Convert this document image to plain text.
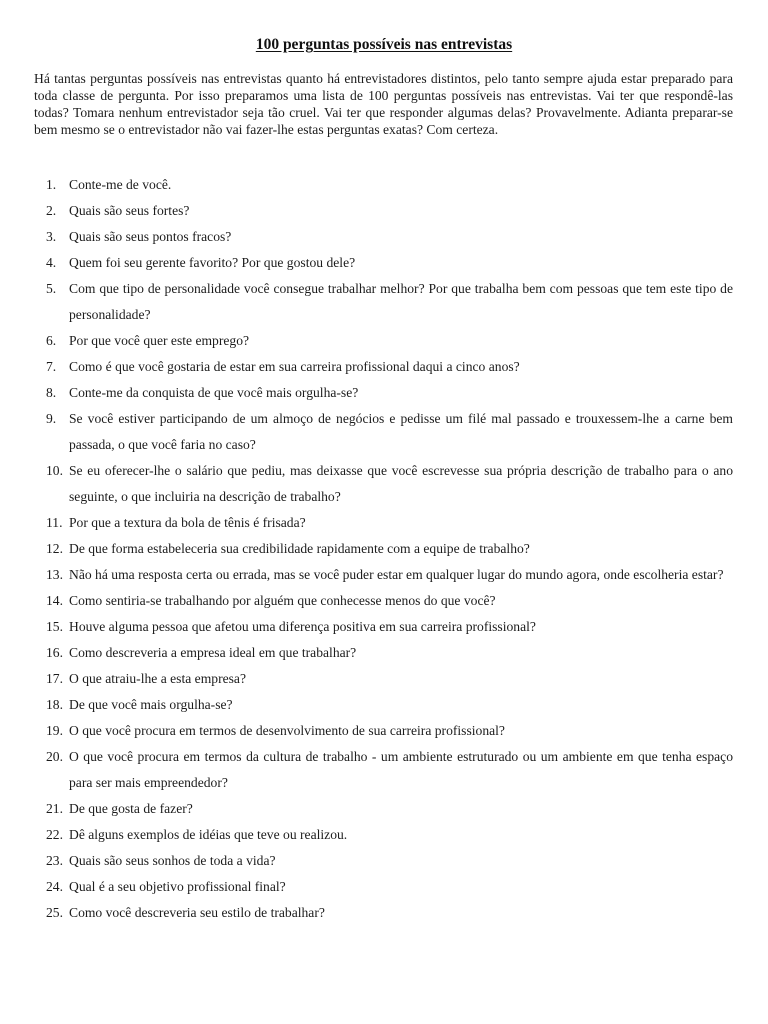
100 perguntas possíveis nas entrevistas

Há tantas perguntas possíveis nas entrevistas quanto há entrevistadores distintos, pelo tanto sempre ajuda estar preparado para toda classe de pergunta. Por isso preparamos uma lista de 100 perguntas possíveis nas entrevistas. Vai ter que respondê-las todas? Tomara nenhum entrevistador seja tão cruel. Vai ter que responder algumas delas? Provavelmente. Adianta preparar-se bem mesmo se o entrevistador não vai fazer-lhe estas perguntas exatas? Com certeza.

1. Conte-me de você.
2. Quais são seus fortes?
3. Quais são seus pontos fracos?
4. Quem foi seu gerente favorito? Por que gostou dele?
5. Com que tipo de personalidade você consegue trabalhar melhor? Por que trabalha bem com pessoas que tem este tipo de personalidade?
6. Por que você quer este emprego?
7. Como é que você gostaria de estar em sua carreira profissional daqui a cinco anos?
8. Conte-me da conquista de que você mais orgulha-se?
9. Se você estiver participando de um almoço de negócios e pedisse um filé mal passado e trouxessem-lhe a carne bem passada, o que você faria no caso?
10. Se eu oferecer-lhe o salário que pediu, mas deixasse que você escrevesse sua própria descrição de trabalho para o ano seguinte, o que incluiria na descrição de trabalho?
11. Por que a textura da bola de tênis é frisada?
12. De que forma estabeleceria sua credibilidade rapidamente com a equipe de trabalho?
13. Não há uma resposta certa ou errada, mas se você puder estar em qualquer lugar do mundo agora, onde escolheria estar?
14. Como sentiria-se trabalhando por alguém que conhecesse menos do que você?
15. Houve alguma pessoa que afetou uma diferença positiva em sua carreira profissional?
16. Como descreveria a empresa ideal em que trabalhar?
17. O que atraiu-lhe a esta empresa?
18. De que você mais orgulha-se?
19. O que você procura em termos de desenvolvimento de sua carreira profissional?
20. O que você procura em termos da cultura de trabalho - um ambiente estruturado ou um ambiente em que tenha espaço para ser mais empreendedor?
21. De que gosta de fazer?
22. Dê alguns exemplos de idéias que teve ou realizou.
23. Quais são seus sonhos de toda a vida?
24. Qual é a seu objetivo profissional final?
25. Como você descreveria seu estilo de trabalhar?
